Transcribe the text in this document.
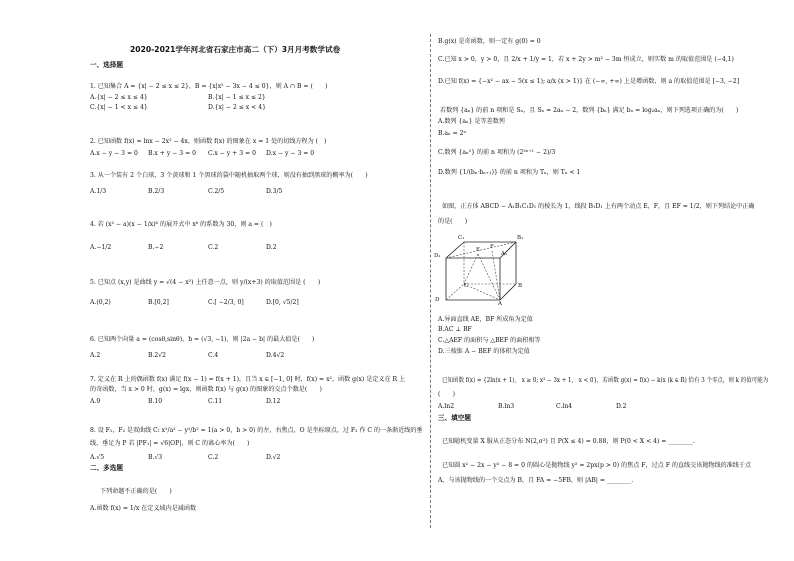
2020-2021学年河北省石家庄市高二（下）3月月考数学试卷
一、选择题
1. 已知集合 A = {x| − 2 ≤ x ≤ 2}，B = {x|x² − 3x − 4 ≤ 0}，则 A ∩ B = (　　)
A.{x| − 2 ≤ x ≤ 4}	B.{x| − 1 ≤ x ≤ 2}
C.{x| − 1 < x ≤ 4}	D.{x| − 2 ≤ x < 4}
2. 已知函数 f(x) = lnx − 2x² − 4x，则函数 f(x) 的图象在 x = 1 处的切线方程为 (　)
A.x − y − 3 = 0 B.x + y − 3 = 0 C.x − y + 3 = 0 D.x − y − 3 = 0
3. 从一个装有 2 个白球，3 个黄球和 1 个黑球的袋中随机抽取两个球，则没有抽到黑球的概率为(　　)
A.1/3	B.2/3	C.2/5	D.3/5
4. 若 (x² − a)(x − 1/x)⁶ 的展开式中 x⁶ 的系数为 30，则 a = (　)
A.−1/2	B.−2	C.2	D.2
5. 已知点 (x,y) 是曲线 y = √(4 − x²) 上任意一点，则 y/(x+3) 的取值范围是 (　　)
A.(0,2)	B.[0,2]	C.[ −2/3, 0]	D.[0, √5/2]
6. 已知两个向量 a = (cosθ,sinθ)，b = (√3, −1)，则 |2a − b| 的最大值是(　　)
A.2	B.2√2	C.4	D.4√2
7. 定义在 R 上的偶函数 f(x) 满足 f(x − 1) = f(x + 1)，且当 x ∈ [−1, 0] 时，f(x) = x²，函数 g(x) 是定义在 R 上
的奇函数，当 x > 0 时，g(x) = lgx，则函数 f(x) 与 g(x) 的图象的交点个数是(　　)
A.9	B.10	C.11	D.12
8. 设 F₁，F₂ 是双曲线 C: x²/a² − y²/b² = 1(a > 0，b > 0) 的左，右焦点，O 是坐标原点，过 F₂ 作 C 的一条渐近线的垂
线，垂足为 P 若 |PF₁| = √6|OP|，则 C 的离心率为(　　)
A.√5	B.√3	C.2	D.√2
二、多选题
下列命题不正确的是(　　)
A.函数 f(x) = 1/x 在定义域内是减函数
B.g(x) 是奇函数，则一定有 g(0) = 0
C.已知 x > 0，y > 0，且 2/x + 1/y = 1，若 x + 2y > m² − 3m 恒成立，则实数 m 的取值范围是 (−4,1)
D.已知 f(x) = {−x² − ax − 5(x ≤ 1); a/x (x > 1)} 在 (−∞, +∞) 上是增函数，则 a 的取值范围是 [−3, −2]
若数列 {aₙ} 的前 n 项和是 Sₙ，且 Sₙ = 2aₙ − 2，数列 {bₙ} 满足 bₙ = log₂aₙ，则下列选项正确的为(　　)
A.数列 {aₙ} 是等差数列
B.aₙ = 2ⁿ
C.数列 {aₙ²} 的前 n 项和为 (2²ⁿ⁺¹ − 2)/3
D.数列 {1/(bₙ·bₙ₊₁)} 的前 n 项和为 Tₙ，则 Tₙ < 1
如图，正方体 ABCD − A₁B₁C₁D₁ 的棱长为 1，线段 B₁D₁ 上有两个动点 E，F，且 EF = 1/2，则下列结论中正确
的是(　　)
C₁	B₁
D₁	A₁
E F
D
C
A
B
A.异面直线 AE，BF 所成角为定值
B.AC ⊥ BF
C.△AEF 的面积与 △BEF 的面积相等
D.三棱锥 A − BEF 的体积为定值
已知函数 f(x) = {2ln(x + 1),　x ≥ 0; x³ − 3x + 1,　x < 0}，若函数 g(x) = f(x) − k(x (k ∈ R) 恰有 3 个零点，则 k 的值可能为
(　　)
A.ln2	B.ln3	C.ln4	D.2
三、填空题
已知随机变量 X 服从正态分布 N(2,σ²) 且 P(X ≤ 4) = 0.88，则 P(0 < X < 4) = ________.
已知圆 x² − 2x − y² − 8 = 0 的圆心是抛物线 y² = 2px(p > 0) 的焦点 F，过点 F 的直线交该抛物线的准线于点
A，与该抛物线的一个交点为 B，且 FA = −5FB，则 |AB| = ________.
